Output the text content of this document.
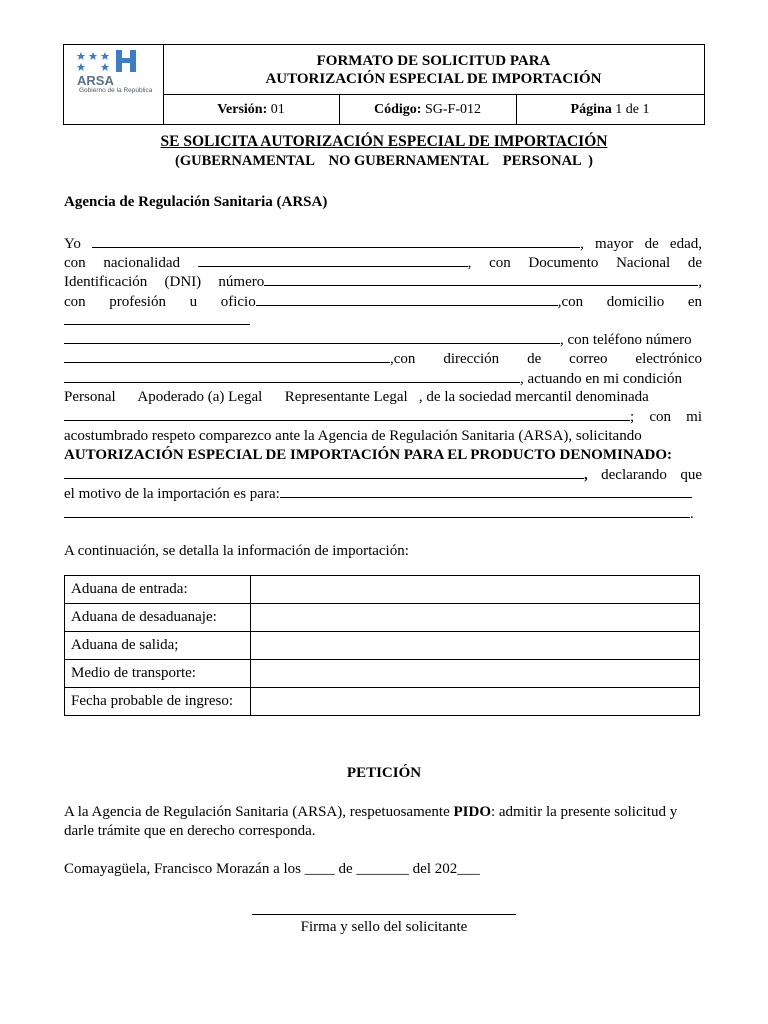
ARSA
Gobierno de la República
FORMATO DE SOLICITUD PARA
AUTORIZACIÓN ESPECIAL DE IMPORTACIÓN
Versión: 01	Código: SG-F-012	Página 1 de 1
SE SOLICITA AUTORIZACIÓN ESPECIAL DE IMPORTACIÓN
(GUBERNAMENTAL    NO GUBERNAMENTAL    PERSONAL  )
Agencia de Regulación Sanitaria (ARSA)
Yo	, mayor de edad,
con nacionalidad	, con Documento Nacional de
Identificación (DNI) número	,
con profesión u oficio	,con domicilio en
, con teléfono número
,con dirección de correo electrónico
, actuando en mi condición
Personal Apoderado (a) Legal Representante Legal , de la sociedad mercantil denominada
; con mi
acostumbrado respeto comparezco ante la Agencia de Regulación Sanitaria (ARSA), solicitando
AUTORIZACIÓN ESPECIAL DE IMPORTACIÓN PARA EL PRODUCTO DENOMINADO:
, declarando que
el motivo de la importación es para:
.
A continuación, se detalla la información de importación:
Aduana de entrada:	
Aduana de desaduanaje:	
Aduana de salida;	
Medio de transporte:	
Fecha probable de ingreso:	
PETICIÓN
A la Agencia de Regulación Sanitaria (ARSA), respetuosamente PIDO: admitir la presente solicitud y
darle trámite que en derecho corresponda.
Comayagüela, Francisco Morazán a los ____ de _______ del 202___
Firma y sello del solicitante
